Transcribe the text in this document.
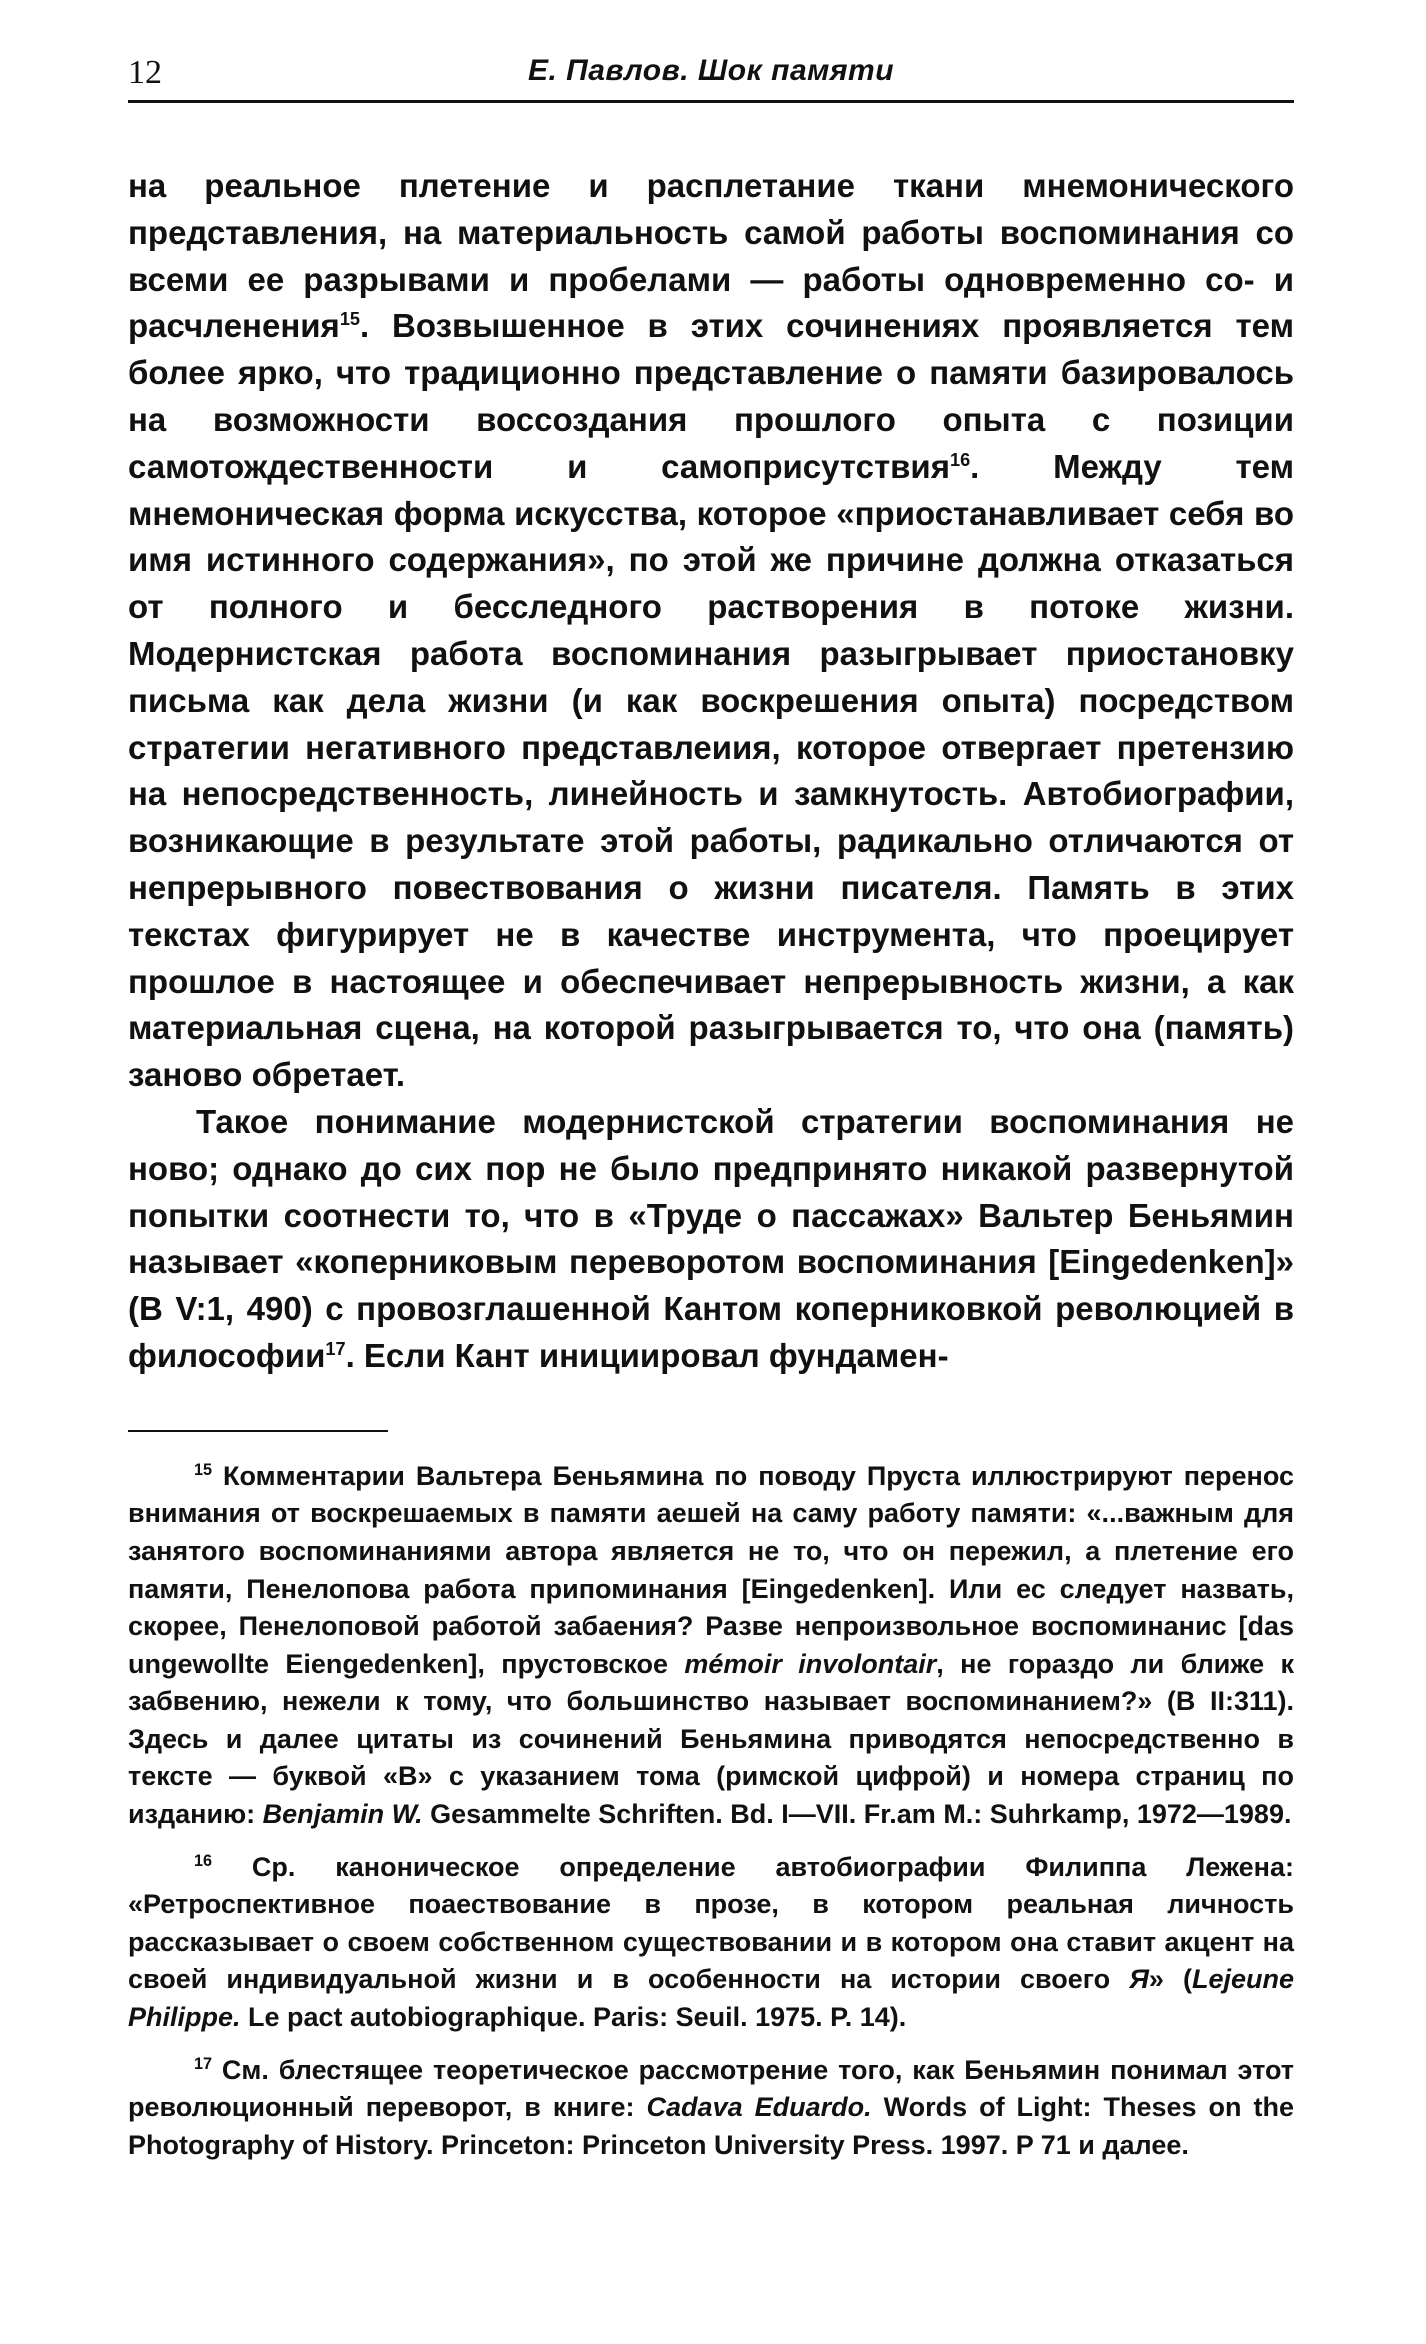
12	Е. Павлов. Шок памяти

на реальное плетение и расплетание ткани мнемонического представления, на материальность самой работы воспоминания со всеми ее разрывами и пробелами — работы одновременно со- и расчленения$^{15}$. Возвышенное в этих сочинениях проявляется тем более ярко, что традиционно представление о памяти базировалось на возможности воссоздания прошлого опыта с позиции самотождественности и самоприсутствия$^{16}$. Между тем мнемоническая форма искусства, которое «приостанавливает себя во имя истинного содержания», по этой же причине должна отказаться от полного и бесследного растворения в потоке жизни. Модернистская работа воспоминания разыгрывает приостановку письма как дела жизни (и как воскрешения опыта) посредством стратегии негативного представлеиия, которое отвергает претензию на непосредственность, линейность и замкнутость. Автобиографии, возникающие в результате этой работы, радикально отличаются от непрерывного повествования о жизни писателя. Память в этих текстах фигурирует не в качестве инструмента, что проецирует прошлое в настоящее и обеспечивает непрерывность жизни, а как материальная сцена, на которой разыгрывается то, что она (память) заново обретает.

Такое понимание модернистской стратегии воспоминания не ново; однако до сих пор не было предпринято никакой развернутой попытки соотнести то, что в «Труде о пассажах» Вальтер Беньямин называет «коперниковым переворотом воспоминания [Eingedenken]» (В V:1, 490) с провозглашенной Кантом коперниковкой революцией в философии$^{17}$. Если Кант инициировал фундамен-

$^{15}$ Комментарии Вальтера Беньямина по поводу Пруста иллюстрируют перенос внимания от воскрешаемых в памяти аешей на саму работу памяти: «...важным для занятого воспоминаниями автора является не то, что он пережил, а плетение его памяти, Пенелопова работа припоминания [Eingedenken]. Или ес следует назвать, скорее, Пенелоповой работой забаения? Разве непроизвольное воспоминанис [das ungewollte Eiengedenken], прустовское mémoir involontair, не гораздо ли ближе к забвению, нежели к тому, что большинство называет воспоминанием?» (В II:311). Здесь и далее цитаты из сочинений Беньямина приводятся непосредственно в тексте — буквой «В» с указанием тома (римской цифрой) и номера страниц по изданию: Benjamin W. Gesammelte Schriften. Bd. I—VII. Fr.am M.: Suhrkamp, 1972—1989.

$^{16}$ Ср. каноническое определение автобиографии Филиппа Лежена: «Ретроспективное поаествование в прозе, в котором реальная личность рассказывает о своем собственном существовании и в котором она ставит акцент на своей индивидуальной жизни и в особенности на истории своего Я» (Lejeune Philippe. Le pact autobiographique. Paris: Seuil. 1975. P. 14).

$^{17}$ См. блестящее теоретическое рассмотрение того, как Беньямин понимал этот революционный переворот, в книге: Cadava Eduardo. Words of Light: Theses on the Photography of History. Princeton: Princeton University Press. 1997. P 71 и далее.
